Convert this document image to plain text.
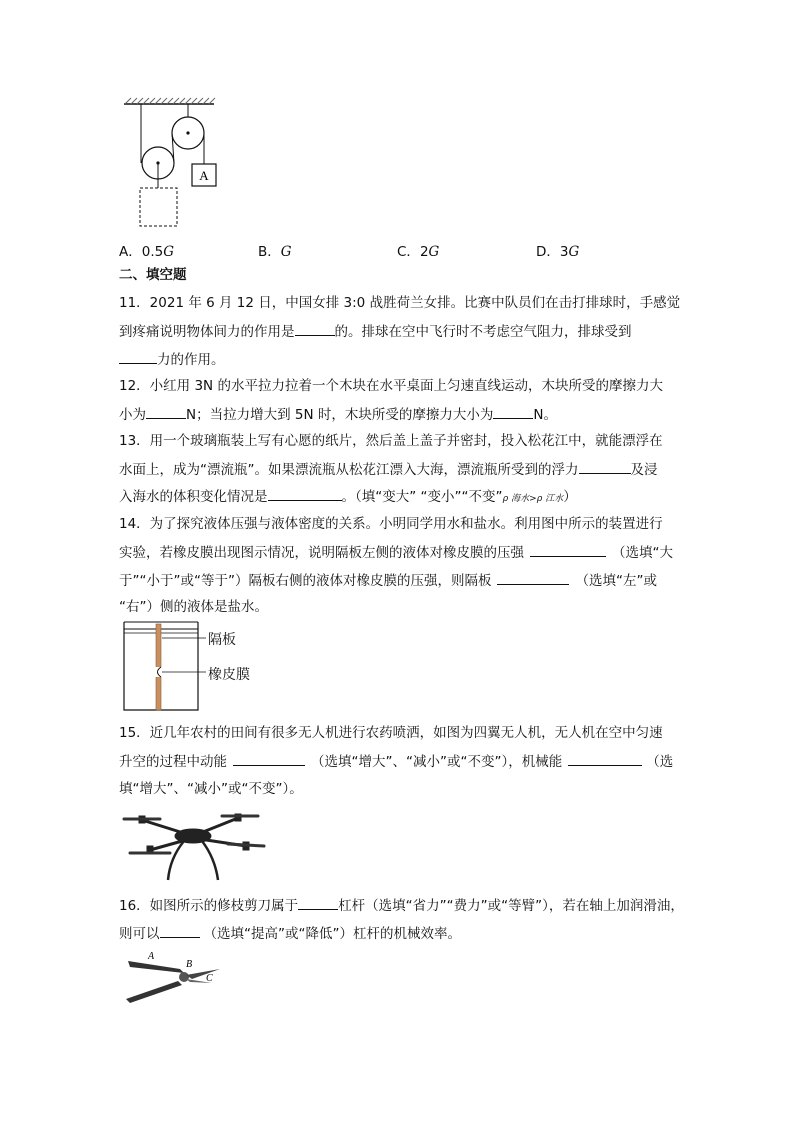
A
A．0.5G	B．G	C．2G	D．3G
二、填空题
11．2021 年 6 月 12 日，中国女排 3:0 战胜荷兰女排。比赛中队员们在击打排球时，手感觉
到疼痛说明物体间力的作用是	的。排球在空中飞行时不考虑空气阻力，排球受到
力的作用。
12．小红用 3N 的水平拉力拉着一个木块在水平桌面上匀速直线运动，木块所受的摩擦力大
小为	N；当拉力增大到 5N 时，木块所受的摩擦力大小为	N。
13．用一个玻璃瓶装上写有心愿的纸片，然后盖上盖子并密封，投入松花江中，就能漂浮在
水面上，成为“漂流瓶”。如果漂流瓶从松花江漂入大海，漂流瓶所受到的浮力	及浸
入海水的体积变化情况是	。（填“变大” “变小”“不变”ρ 海水>ρ 江水）
14．为了探究液体压强与液体密度的关系。小明同学用水和盐水。利用图中所示的装置进行
实验，若橡皮膜出现图示情况，说明隔板左侧的液体对橡皮膜的压强	（选填“大
于”“小于”或“等于”）隔板右侧的液体对橡皮膜的压强，则隔板	（选填“左”或
“右”）侧的液体是盐水。
隔板
橡皮膜
15．近几年农村的田间有很多无人机进行农药喷洒，如图为四翼无人机，无人机在空中匀速
升空的过程中动能	（选填“增大”、“减小”或“不变”），机械能	（选
填“增大”、“减小”或“不变”）。
16．如图所示的修枝剪刀属于	杠杆（选填“省力”“费力”或“等臂”），若在轴上加润滑油，
则可以	（选填“提高”或“降低”）杠杆的机械效率。
A
B
C
